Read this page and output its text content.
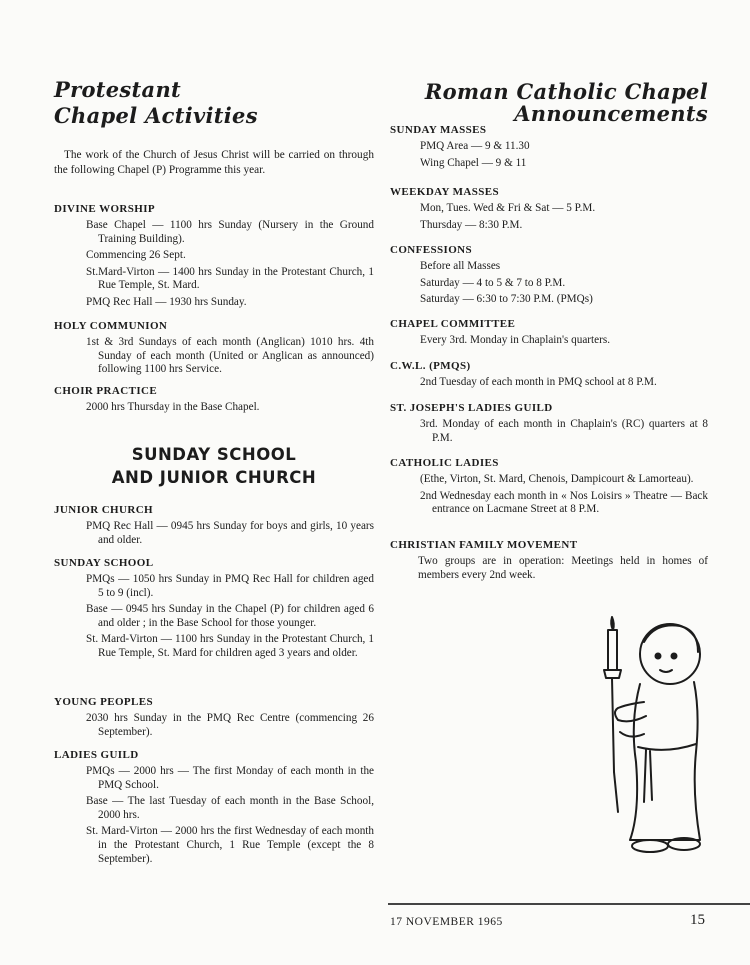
Protestant
Chapel Activities
The work of the Church of Jesus Christ will be carried on through the following Chapel (P) Programme this year.
DIVINE WORSHIP
Base Chapel — 1100 hrs Sunday (Nursery in the Ground Training Building).
Commencing 26 Sept.
St.Mard-Virton — 1400 hrs Sunday in the Protestant Church, 1 Rue Temple, St. Mard.
PMQ Rec Hall — 1930 hrs Sunday.
HOLY COMMUNION
1st & 3rd Sundays of each month (Anglican) 1010 hrs. 4th Sunday of each month (United or Anglican as announced) following 1100 hrs Service.
CHOIR PRACTICE
2000 hrs Thursday in the Base Chapel.
SUNDAY SCHOOL
AND JUNIOR CHURCH
JUNIOR CHURCH
PMQ Rec Hall — 0945 hrs Sunday for boys and girls, 10 years and older.
SUNDAY SCHOOL
PMQs — 1050 hrs Sunday in PMQ Rec Hall for children aged 5 to 9 (incl).
Base — 0945 hrs Sunday in the Chapel (P) for children aged 6 and older ; in the Base School for those younger.
St. Mard-Virton — 1100 hrs Sunday in the Protestant Church, 1 Rue Temple, St. Mard for children aged 3 years and older.
YOUNG PEOPLES
2030 hrs Sunday in the PMQ Rec Centre (commencing 26 September).
LADIES GUILD
PMQs — 2000 hrs — The first Monday of each month in the PMQ School.
Base — The last Tuesday of each month in the Base School, 2000 hrs.
St. Mard-Virton — 2000 hrs the first Wednesday of each month in the Protestant Church, 1 Rue Temple (except the 8 September).
Roman Catholic Chapel
Announcements
SUNDAY MASSES
PMQ Area — 9 & 11.30
Wing Chapel — 9 & 11
WEEKDAY MASSES
Mon, Tues. Wed & Fri & Sat — 5 P.M.
Thursday — 8:30 P.M.
CONFESSIONS
Before all Masses
Saturday — 4 to 5 & 7 to 8 P.M.
Saturday — 6:30 to 7:30 P.M. (PMQs)
CHAPEL COMMITTEE
Every 3rd. Monday in Chaplain's quarters.
C.W.L. (PMQS)
2nd Tuesday of each month in PMQ school at 8 P.M.
ST. JOSEPH'S LADIES GUILD
3rd. Monday of each month in Chaplain's (RC) quarters at 8 P.M.
CATHOLIC LADIES
(Ethe, Virton, St. Mard, Chenois, Dampicourt & Lamorteau).
2nd Wednesday each month in « Nos Loisirs » Theatre — Back entrance on Lacmane Street at 8 P.M.
CHRISTIAN FAMILY MOVEMENT
Two groups are in operation: Meetings held in homes of members every 2nd week.
17 NOVEMBER 1965	15
